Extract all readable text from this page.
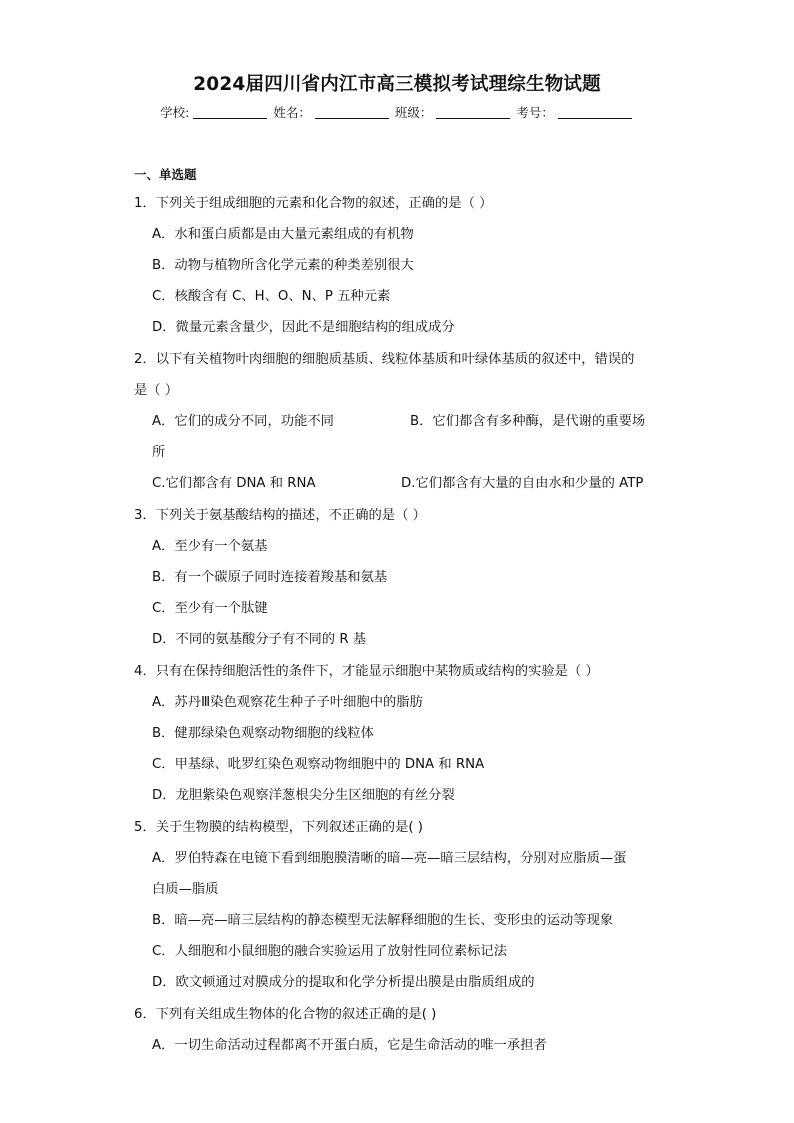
2024届四川省内江市高三模拟考试理综生物试题
学校:	姓名：	班级：	考号：
一、单选题
1．下列关于组成细胞的元素和化合物的叙述，正确的是（ ）
A．水和蛋白质都是由大量元素组成的有机物
B．动物与植物所含化学元素的种类差别很大
C．核酸含有 C、H、O、N、P 五种元素
D．微量元素含量少，因此不是细胞结构的组成成分
2．以下有关植物叶肉细胞的细胞质基质、线粒体基质和叶绿体基质的叙述中，错误的
是（ ）
A．它们的成分不同，功能不同	B．它们都含有多种酶，是代谢的重要场
所
C.它们都含有 DNA 和 RNA	D.它们都含有大量的自由水和少量的 ATP
3．下列关于氨基酸结构的描述，不正确的是（ ）
A．至少有一个氨基
B．有一个碳原子同时连接着羧基和氨基
C．至少有一个肽键
D．不同的氨基酸分子有不同的 R 基
4．只有在保持细胞活性的条件下，才能显示细胞中某物质或结构的实验是（ ）
A．苏丹Ⅲ染色观察花生种子子叶细胞中的脂肪
B．健那绿染色观察动物细胞的线粒体
C．甲基绿、吡罗红染色观察动物细胞中的 DNA 和 RNA
D．龙胆紫染色观察洋葱根尖分生区细胞的有丝分裂
5．关于生物膜的结构模型，下列叙述正确的是( )
A．罗伯特森在电镜下看到细胞膜清晰的暗—亮—暗三层结构，分别对应脂质—蛋
白质—脂质
B．暗—亮—暗三层结构的静态模型无法解释细胞的生长、变形虫的运动等现象
C．人细胞和小鼠细胞的融合实验运用了放射性同位素标记法
D．欧文顿通过对膜成分的提取和化学分析提出膜是由脂质组成的
6．下列有关组成生物体的化合物的叙述正确的是( )
A．一切生命活动过程都离不开蛋白质，它是生命活动的唯一承担者
